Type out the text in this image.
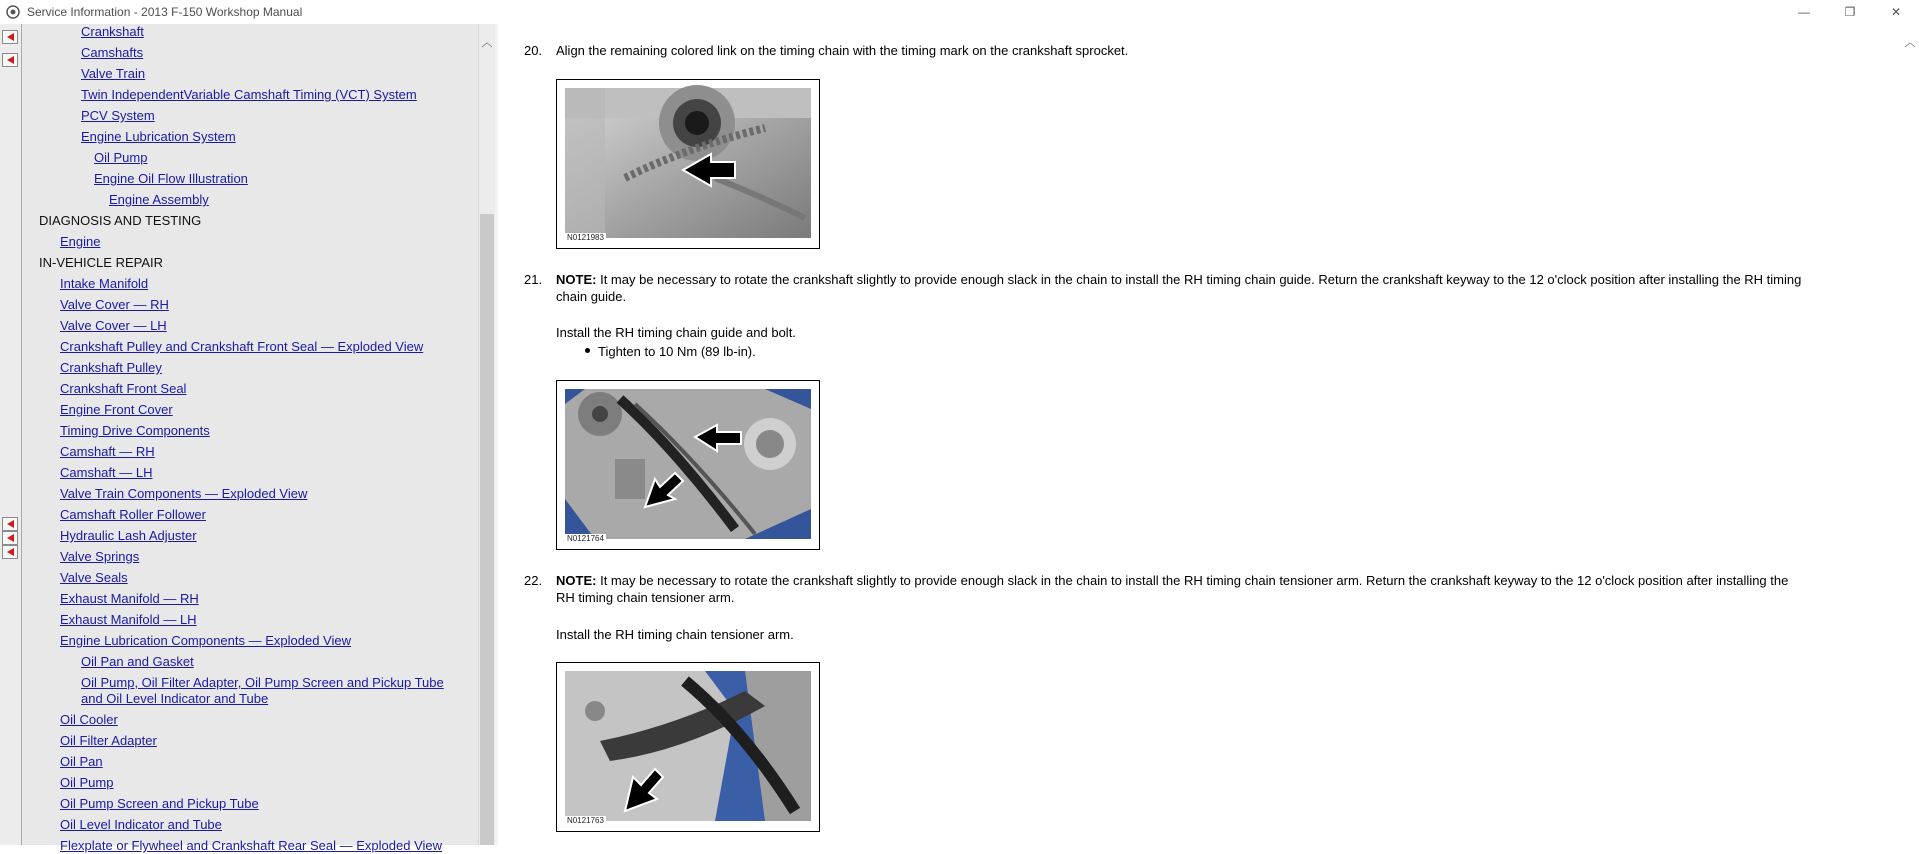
Service Information - 2013 F-150 Workshop Manual	—	❐	✕
Crankshaft
Camshafts
Valve Train
Twin IndependentVariable Camshaft Timing (VCT) System
PCV System
Engine Lubrication System
Oil Pump
Engine Oil Flow Illustration
Engine Assembly
DIAGNOSIS AND TESTING
Engine
IN-VEHICLE REPAIR
Intake Manifold
Valve Cover — RH
Valve Cover — LH
Crankshaft Pulley and Crankshaft Front Seal — Exploded View
Crankshaft Pulley
Crankshaft Front Seal
Engine Front Cover
Timing Drive Components
Camshaft — RH
Camshaft — LH
Valve Train Components — Exploded View
Camshaft Roller Follower
Hydraulic Lash Adjuster
Valve Springs
Valve Seals
Exhaust Manifold — RH
Exhaust Manifold — LH
Engine Lubrication Components — Exploded View
Oil Pan and Gasket
Oil Pump, Oil Filter Adapter, Oil Pump Screen and Pickup Tube
and Oil Level Indicator and Tube
Oil Cooler
Oil Filter Adapter
Oil Pan
Oil Pump
Oil Pump Screen and Pickup Tube
Oil Level Indicator and Tube
Flexplate or Flywheel and Crankshaft Rear Seal — Exploded View
︿ 20. Align the remaining colored link on the timing chain with the timing mark on the crankshaft sprocket.
N0121983
21. NOTE: It may be necessary to rotate the crankshaft slightly to provide enough slack in the chain to install the RH timing chain guide. Return the crankshaft keyway to the 12 o'clock position after installing the RH timing
chain guide.
Install the RH timing chain guide and bolt.
Tighten to 10 Nm (89 lb-in).
N0121764
22. NOTE: It may be necessary to rotate the crankshaft slightly to provide enough slack in the chain to install the RH timing chain tensioner arm. Return the crankshaft keyway to the 12 o'clock position after installing the
RH timing chain tensioner arm.
Install the RH timing chain tensioner arm.
N0121763
︿
